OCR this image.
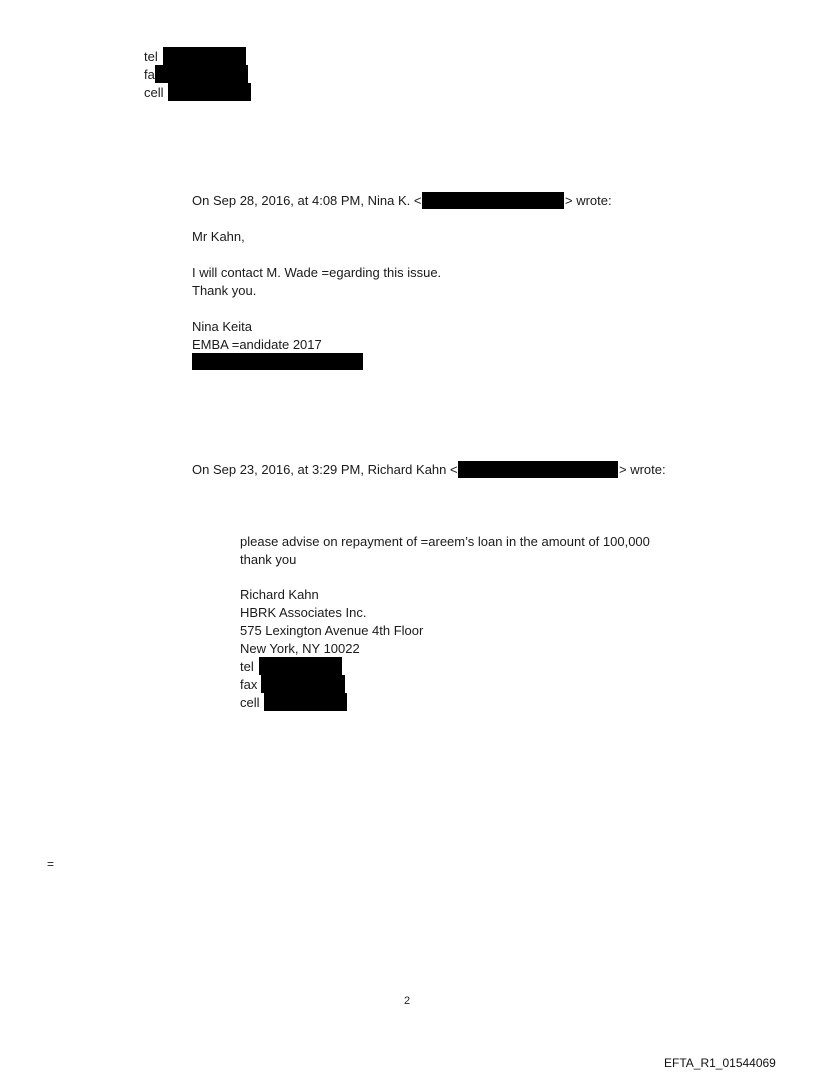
tel
fa
cell
On Sep 28, 2016, at 4:08 PM, Nina K. <	> wrote:
Mr Kahn,
I will contact M. Wade =egarding this issue.
Thank you.
Nina Keita
EMBA =andidate 2017
On Sep 23, 2016, at 3:29 PM, Richard Kahn <	> wrote:
please advise on repayment of =areem’s loan in the amount of 100,000
thank you
Richard Kahn
HBRK Associates Inc.
575 Lexington Avenue 4th Floor
New York, NY 10022
tel
fax
cell
=
2
EFTA_R1_01544069
